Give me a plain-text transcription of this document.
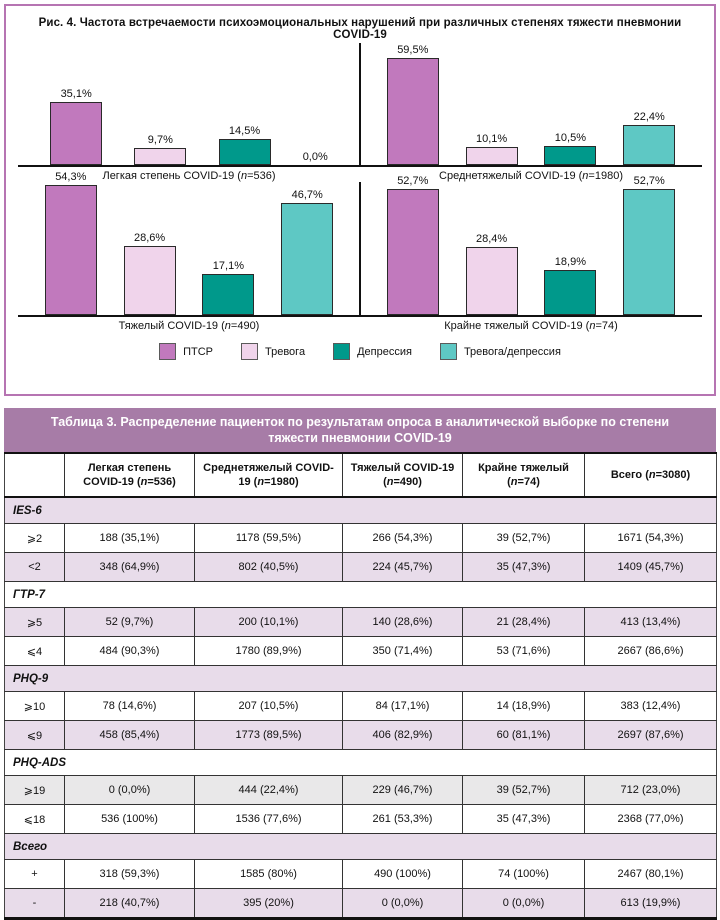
Рис. 4. Частота встречаемости психоэмоциональных нарушений при различных степенях тяжести пневмонии COVID-19
35,1%
9,7%
14,5%
0,0%
59,5%
10,1%	10,5%
22,4%
Легкая степень COVID-19 (n=536)	Среднетяжелый COVID-19 (n=1980)
54,3%
28,6%
17,1%
46,7%
52,7%
28,4%
18,9%
52,7%
Тяжелый COVID-19 (n=490)	Крайне тяжелый COVID-19 (n=74)
ПТСР	Тревога	Депрессия	Тревога/депрессия
Таблица 3. Распределение пациенток по результатам опроса в аналитической выборке по степени тяжести пневмонии COVID-19
	Легкая степень COVID-19 (n=536)	Среднетяжелый COVID-19 (n=1980)	Тяжелый COVID-19 (n=490)	Крайне тяжелый (n=74)	Всего (n=3080)
IES-6					
⩾2	188 (35,1%)	1178 (59,5%)	266 (54,3%)	39 (52,7%)	1671 (54,3%)
<2	348 (64,9%)	802 (40,5%)	224 (45,7%)	35 (47,3%)	1409 (45,7%)
ГТР-7					
⩾5	52 (9,7%)	200 (10,1%)	140 (28,6%)	21 (28,4%)	413 (13,4%)
⩽4	484 (90,3%)	1780 (89,9%)	350 (71,4%)	53 (71,6%)	2667 (86,6%)
PHQ-9					
⩾10	78 (14,6%)	207 (10,5%)	84 (17,1%)	14 (18,9%)	383 (12,4%)
⩽9	458 (85,4%)	1773 (89,5%)	406 (82,9%)	60 (81,1%)	2697 (87,6%)
PHQ-ADS					
⩾19	0 (0,0%)	444 (22,4%)	229 (46,7%)	39 (52,7%)	712 (23,0%)
⩽18	536 (100%)	1536 (77,6%)	261 (53,3%)	35 (47,3%)	2368 (77,0%)
Всего					
+	318 (59,3%)	1585 (80%)	490 (100%)	74 (100%)	2467 (80,1%)
-	218 (40,7%)	395 (20%)	0 (0,0%)	0 (0,0%)	613 (19,9%)
